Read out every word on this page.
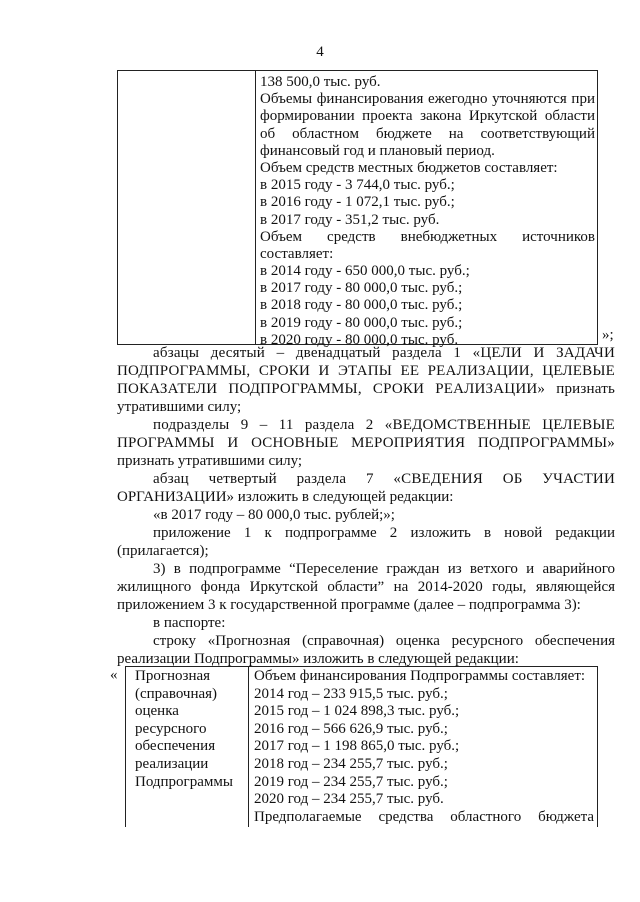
4
138 500,0 тыс. руб.
Объемы финансирования ежегодно уточняются при
формировании проекта закона Иркутской области
об областном бюджете на соответствующий
финансовый год и плановый период.
Объем средств местных бюджетов составляет:
в 2015 году - 3 744,0 тыс. руб.;
в 2016 году - 1 072,1 тыс. руб.;
в 2017 году - 351,2 тыс. руб.
Объем средств внебюджетных источников
составляет:
в 2014 году - 650 000,0 тыс. руб.;
в 2017 году - 80 000,0 тыс. руб.;
в 2018 году - 80 000,0 тыс. руб.;
в 2019 году - 80 000,0 тыс. руб.;
в 2020 году - 80 000,0 тыс. руб.	»;
абзацы десятый – двенадцатый раздела 1 «ЦЕЛИ И ЗАДАЧИ
ПОДПРОГРАММЫ, СРОКИ И ЭТАПЫ ЕЕ РЕАЛИЗАЦИИ, ЦЕЛЕВЫЕ
ПОКАЗАТЕЛИ ПОДПРОГРАММЫ, СРОКИ РЕАЛИЗАЦИИ» признать
утратившими силу;
подразделы 9 – 11 раздела 2 «ВЕДОМСТВЕННЫЕ ЦЕЛЕВЫЕ
ПРОГРАММЫ И ОСНОВНЫЕ МЕРОПРИЯТИЯ ПОДПРОГРАММЫ»
признать утратившими силу;
абзац четвертый раздела 7 «СВЕДЕНИЯ ОБ УЧАСТИИ
ОРГАНИЗАЦИИ» изложить в следующей редакции:
«в 2017 году – 80 000,0 тыс. рублей;»;
приложение 1 к подпрограмме 2 изложить в новой редакции
(прилагается);
3) в подпрограмме “Переселение граждан из ветхого и аварийного
жилищного фонда Иркутской области” на 2014-2020 годы, являющейся
приложением 3 к государственной программе (далее – подпрограмма 3):
в паспорте:
строку «Прогнозная (справочная) оценка ресурсного обеспечения
реализации Подпрограммы» изложить в следующей редакции:
« Прогнозная
(справочная)
оценка
ресурсного
обеспечения
реализации
Подпрограммы
Объем финансирования Подпрограммы составляет:
2014 год – 233 915,5 тыс. руб.;
2015 год – 1 024 898,3 тыс. руб.;
2016 год – 566 626,9 тыс. руб.;
2017 год – 1 198 865,0 тыс. руб.;
2018 год – 234 255,7 тыс. руб.;
2019 год – 234 255,7 тыс. руб.;
2020 год – 234 255,7 тыс. руб.
Предполагаемые средства областного бюджета
